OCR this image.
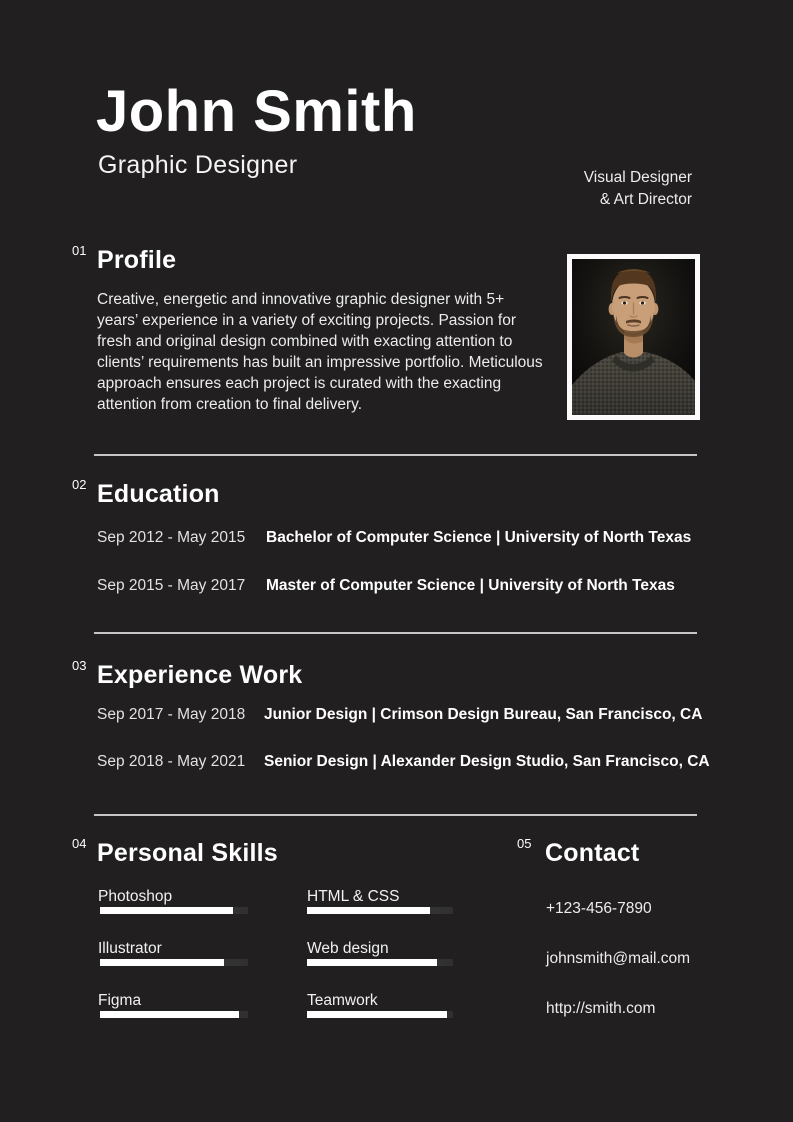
John Smith
Graphic Designer	Visual Designer
& Art Director
01 Profile
Creative, energetic and innovative graphic designer with 5+ years’ experience in a variety of exciting projects. Passion for fresh and original design combined with exacting attention to clients’ requirements has built an impressive portfolio. Meticulous approach ensures each project is curated with the exacting attention from creation to final delivery.
02 Education
Sep 2012 - May 2015 Bachelor of Computer Science | University of North Texas
Sep 2015 - May 2017 Master of Computer Science | University of North Texas
03 Experience Work
Sep 2017 - May 2018 Junior Design | Crimson Design Bureau, San Francisco, CA
Sep 2018 - May 2021 Senior Design | Alexander Design Studio, San Francisco, CA
04 Personal Skills
Photoshop
Illustrator
Figma
HTML & CSS
Web design
Teamwork
05 Contact
+123-456-7890
johnsmith@mail.com
http://smith.com
